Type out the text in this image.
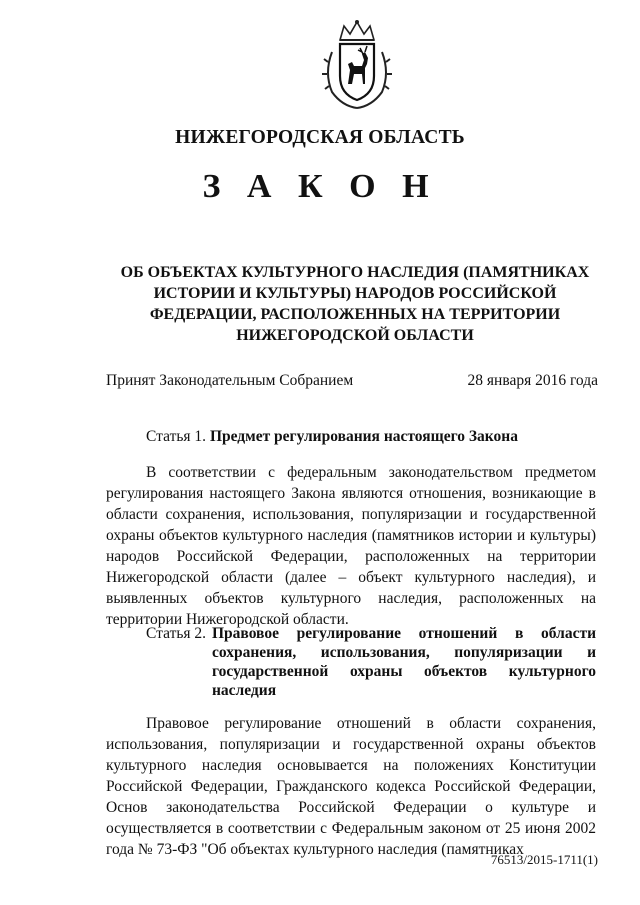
НИЖЕГОРОДСКАЯ ОБЛАСТЬ
З А К О Н
ОБ ОБЪЕКТАХ КУЛЬТУРНОГО НАСЛЕДИЯ (ПАМЯТНИКАХ ИСТОРИИ И КУЛЬТУРЫ) НАРОДОВ РОССИЙСКОЙ ФЕДЕРАЦИИ, РАСПОЛОЖЕННЫХ НА ТЕРРИТОРИИ НИЖЕГОРОДСКОЙ ОБЛАСТИ
Принят Законодательным Собранием	28 января 2016 года
Статья 1. Предмет регулирования настоящего Закона

В соответствии с федеральным законодательством предметом регулирования настоящего Закона являются отношения, возникающие в области сохранения, использования, популяризации и государственной охраны объектов культурного наследия (памятников истории и культуры) народов Российской Федерации, расположенных на территории Нижегородской области (далее – объект культурного наследия), и выявленных объектов культурного наследия, расположенных на территории Нижегородской области.

Статья 2. Правовое регулирование отношений в области сохранения, использования, популяризации и государственной охраны объектов культурного наследия

Правовое регулирование отношений в области сохранения, использования, популяризации и государственной охраны объектов культурного наследия основывается на положениях Конституции Российской Федерации, Гражданского кодекса Российской Федерации, Основ законодательства Российской Федерации о культуре и осуществляется в соответствии с Федеральным законом от 25 июня 2002 года № 73-ФЗ "Об объектах культурного наследия (памятниках

76513/2015-1711(1)
